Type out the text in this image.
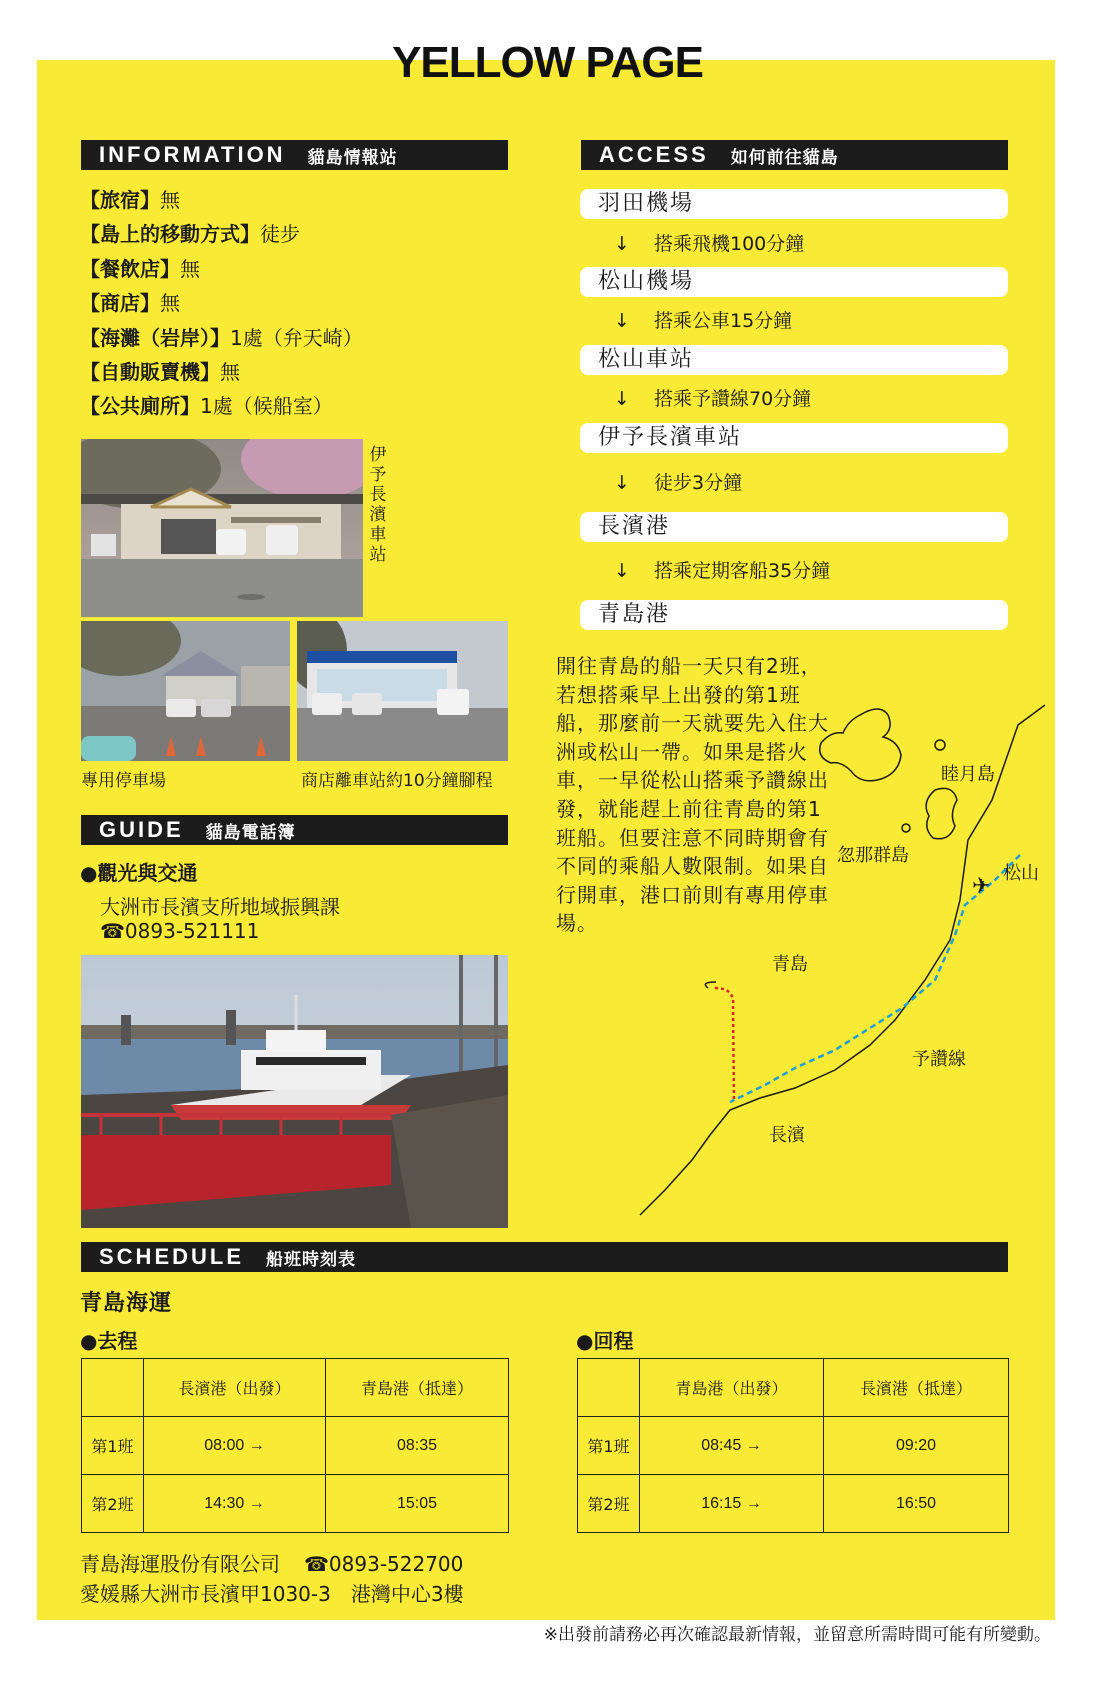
YELLOW PAGE
INFORMATION 貓島情報站
【旅宿】無
【島上的移動方式】徒步
【餐飲店】無
【商店】無
【海灘（岩岸）】1處（弁天崎）
【自動販賣機】無
【公共廁所】1處（候船室）
伊予長濱車站
專用停車場	商店離車站約10分鐘腳程
GUIDE 貓島電話簿
●觀光與交通
大洲市長濱支所地域振興課
☎0893-521111
ACCESS 如何前往貓島
羽田機場
↓ 搭乘飛機100分鐘
松山機場
↓ 搭乘公車15分鐘
松山車站
↓ 搭乘予讚線70分鐘
伊予長濱車站
↓ 徒步3分鐘
長濱港
↓ 搭乘定期客船35分鐘
青島港
開往青島的船一天只有2班，若想搭乘早上出發的第1班船，那麼前一天就要先入住大洲或松山一帶。如果是搭火車，一早從松山搭乘予讚線出發，就能趕上前往青島的第1班船。但要注意不同時期會有不同的乘船人數限制。如果自行開車，港口前則有專用停車場。
✈
睦月島
忽那群島
松山
青島
予讚線
長濱
SCHEDULE 船班時刻表
青島海運
●去程	●回程
	長濱港（出發）	青島港（抵達）
第1班	08:00 →	08:35
第2班	14:30 →	15:05
	青島港（出發）	長濱港（抵達）
第1班	08:45 →	09:20
第2班	16:15 →	16:50
青島海運股份有限公司 ☎0893-522700
愛媛縣大洲市長濱甲1030-3　港灣中心3樓
※出發前請務必再次確認最新情報，並留意所需時間可能有所變動。
